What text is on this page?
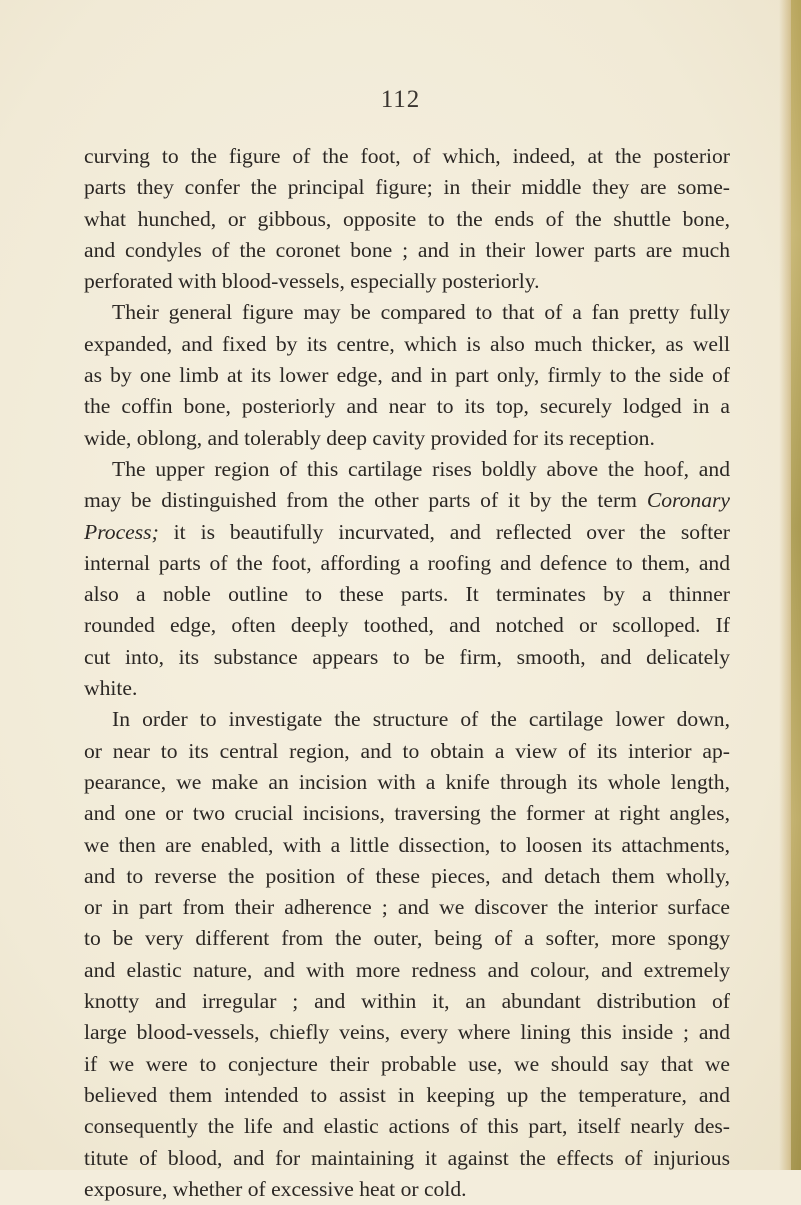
112
curving to the figure of the foot, of which, indeed, at the posterior
parts they confer the principal figure; in their middle they are some-
what hunched, or gibbous, opposite to the ends of the shuttle bone,
and condyles of the coronet bone ; and in their lower parts are much
perforated with blood-vessels, especially posteriorly.
Their general figure may be compared to that of a fan pretty fully
expanded, and fixed by its centre, which is also much thicker, as well
as by one limb at its lower edge, and in part only, firmly to the side of
the coffin bone, posteriorly and near to its top, securely lodged in a
wide, oblong, and tolerably deep cavity provided for its reception.
The upper region of this cartilage rises boldly above the hoof, and
may be distinguished from the other parts of it by the term Coronary
Process; it is beautifully incurvated, and reflected over the softer
internal parts of the foot, affording a roofing and defence to them, and
also a noble outline to these parts. It terminates by a thinner
rounded edge, often deeply toothed, and notched or scolloped. If
cut into, its substance appears to be firm, smooth, and delicately
white.
In order to investigate the structure of the cartilage lower down,
or near to its central region, and to obtain a view of its interior ap-
pearance, we make an incision with a knife through its whole length,
and one or two crucial incisions, traversing the former at right angles,
we then are enabled, with a little dissection, to loosen its attachments,
and to reverse the position of these pieces, and detach them wholly,
or in part from their adherence ; and we discover the interior surface
to be very different from the outer, being of a softer, more spongy
and elastic nature, and with more redness and colour, and extremely
knotty and irregular ; and within it, an abundant distribution of
large blood-vessels, chiefly veins, every where lining this inside ; and
if we were to conjecture their probable use, we should say that we
believed them intended to assist in keeping up the temperature, and
consequently the life and elastic actions of this part, itself nearly des-
titute of blood, and for maintaining it against the effects of injurious
exposure, whether of excessive heat or cold.
